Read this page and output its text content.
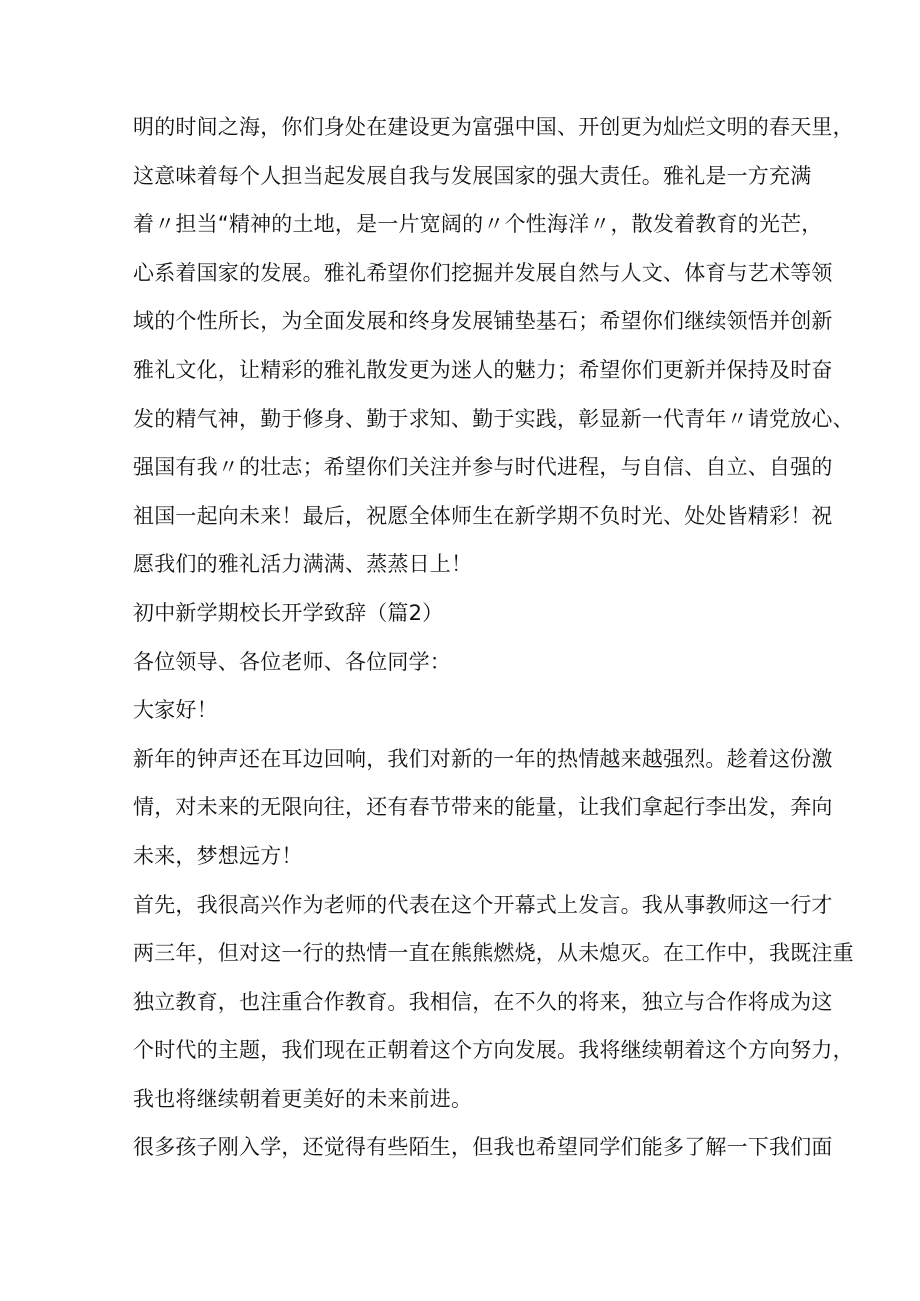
明的时间之海，你们身处在建设更为富强中国、开创更为灿烂文明的春天里，
这意味着每个人担当起发展自我与发展国家的强大责任。雅礼是一方充满
着〃担当“精神的土地，是一片宽阔的〃个性海洋〃，散发着教育的光芒，
心系着国家的发展。雅礼希望你们挖掘并发展自然与人文、体育与艺术等领
域的个性所长，为全面发展和终身发展铺垫基石；希望你们继续领悟并创新
雅礼文化，让精彩的雅礼散发更为迷人的魅力；希望你们更新并保持及时奋
发的精气神，勤于修身、勤于求知、勤于实践，彰显新一代青年〃请党放心、
强国有我〃的壮志；希望你们关注并参与时代进程，与自信、自立、自强的
祖国一起向未来！最后，祝愿全体师生在新学期不负时光、处处皆精彩！祝
愿我们的雅礼活力满满、蒸蒸日上！
初中新学期校长开学致辞（篇2）
各位领导、各位老师、各位同学：
大家好！
新年的钟声还在耳边回响，我们对新的一年的热情越来越强烈。趁着这份激
情，对未来的无限向往，还有春节带来的能量，让我们拿起行李出发，奔向
未来，梦想远方！
首先，我很高兴作为老师的代表在这个开幕式上发言。我从事教师这一行才
两三年，但对这一行的热情一直在熊熊燃烧，从未熄灭。在工作中，我既注重
独立教育，也注重合作教育。我相信，在不久的将来，独立与合作将成为这
个时代的主题，我们现在正朝着这个方向发展。我将继续朝着这个方向努力，
我也将继续朝着更美好的未来前进。
很多孩子刚入学，还觉得有些陌生，但我也希望同学们能多了解一下我们面
